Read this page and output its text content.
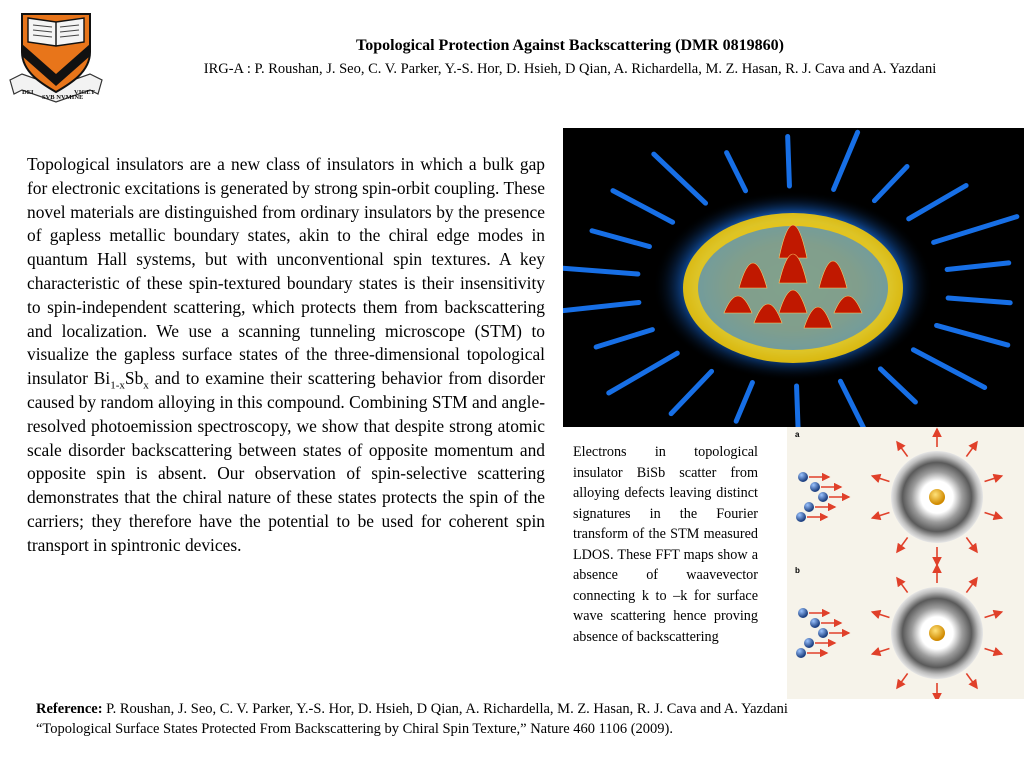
DEI
SVB NVMINE
VIGET
Topological Protection Against Backscattering (DMR 0819860)
IRG-A : P. Roushan, J. Seo, C. V. Parker, Y.-S. Hor, D. Hsieh, D Qian, A. Richardella, M. Z. Hasan, R. J. Cava and A. Yazdani
Topological insulators are a new class of insulators in which a bulk gap for electronic excitations is generated by strong spin-orbit coupling. These novel materials are distinguished from ordinary insulators by the presence of gapless metallic boundary states, akin to the chiral edge modes in quantum Hall systems, but with unconventional spin textures. A key characteristic of these spin-textured boundary states is their insensitivity to spin-independent scattering, which protects them from backscattering and localization. We use a scanning tunneling microscope (STM) to visualize the gapless surface states of the three-dimensional topological insulator $Bi_{1-x}Sb_x$ and to examine their scattering behavior from disorder caused by random alloying in this compound. Combining STM and angle-resolved photoemission spectroscopy, we show that despite strong atomic scale disorder backscattering between states of opposite momentum and opposite spin is absent. Our observation of spin-selective scattering demonstrates that the chiral nature of these states protects the spin of the carriers; they therefore have the potential to be used for coherent spin transport in spintronic devices.
Electrons in topological insulator BiSb scatter from alloying defects leaving distinct signatures in the Fourier transform of the STM measured LDOS. These FFT maps show a absence of waavevector connecting k to –k for surface wave scattering hence proving absence of backscattering
a
b
Reference: P. Roushan, J. Seo, C. V. Parker, Y.-S. Hor, D. Hsieh, D Qian, A. Richardella, M. Z. Hasan, R. J. Cava and A. Yazdani
“Topological Surface States Protected From Backscattering by Chiral Spin Texture,” Nature 460 1106 (2009).
